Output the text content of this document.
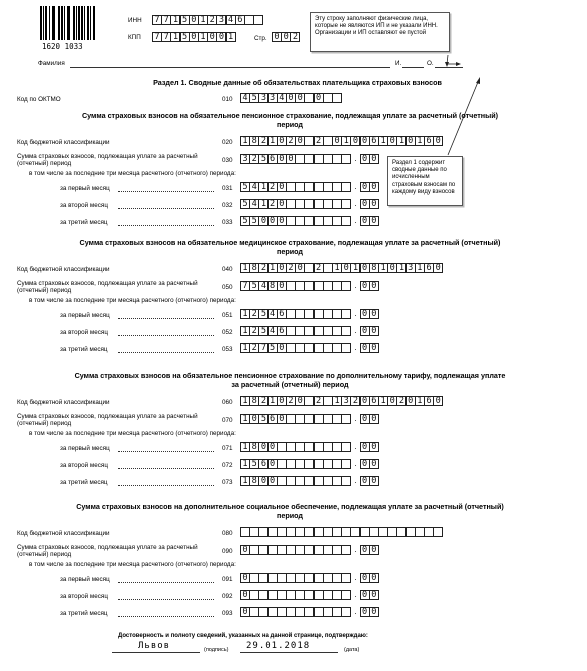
1620 1033
ИНН 7 7 1 5 0 1 2 3 4 6
КПП 7 7 1 5 0 1 0 0 1	Стр. 0 0 2
Эту строку заполняют физические лица, которые не являются ИП и не указали ИНН. Организации и ИП оставляют ее пустой
Фамилия	И.	О.
Раздел 1. Сводные данные об обязательствах плательщика страховых взносов
Код по ОКТМО	010 4 5 3 3 4 0 0 0
Раздел 1 содержит сводные данные по исчисленным страховым взносам по каждому виду взносов
Достоверность и полноту сведений, указанных на данной странице, подтверждаю:
Львов	(подпись) 29.01.2018	(дата)
Сумма страховых взносов на обязательное пенсионное страхование, подлежащая уплате за расчетный (отчетный) период
Код бюджетной классификации	020 1 8 2 1 0 2 0 2 0 1 0 0 6 1 0 1 0 1 6 0
Сумма страховых взносов, подлежащая уплате за расчетный (отчетный) период	030 3 2 5 6 0 0	. 0 0
в том числе за последние три месяца расчетного (отчетного) периода:
за первый месяц	031 5 4 1 2 0	. 0 0
за второй месяц	032 5 4 1 2 0	. 0 0
за третий месяц	033 5 5 0 0 0	. 0 0
Сумма страховых взносов на обязательное медицинское страхование, подлежащая уплате за расчетный (отчетный) период
Код бюджетной классификации	040 1 8 2 1 0 2 0 2 1 0 1 0 8 1 0 1 3 1 6 0
Сумма страховых взносов, подлежащая уплате за расчетный (отчетный) период	050 7 5 4 8 0	. 0 0
в том числе за последние три месяца расчетного (отчетного) периода:
за первый месяц	051 1 2 5 4 6	. 0 0
за второй месяц	052 1 2 5 4 6	. 0 0
за третий месяц	053 1 2 7 5 0	. 0 0
Сумма страховых взносов на обязательное пенсионное страхование по дополнительному тарифу, подлежащая уплате за расчетный (отчетный) период
Код бюджетной классификации	060 1 8 2 1 0 2 0 2 1 3 2 0 6 1 0 2 0 1 6 0
Сумма страховых взносов, подлежащая уплате за расчетный (отчетный) период	070 1 0 5 6 0	. 0 0
в том числе за последние три месяца расчетного (отчетного) периода:
за первый месяц	071 1 8 0 0	. 0 0
за второй месяц	072 1 5 6 0	. 0 0
за третий месяц	073 1 8 0 0	. 0 0
Сумма страховых взносов на дополнительное социальное обеспечение, подлежащая уплате за расчетный (отчетный) период
Код бюджетной классификации	080
Сумма страховых взносов, подлежащая уплате за расчетный (отчетный) период	090 0	. 0 0
в том числе за последние три месяца расчетного (отчетного) периода:
за первый месяц	091 0	. 0 0
за второй месяц	092 0	. 0 0
за третий месяц	093 0	. 0 0
